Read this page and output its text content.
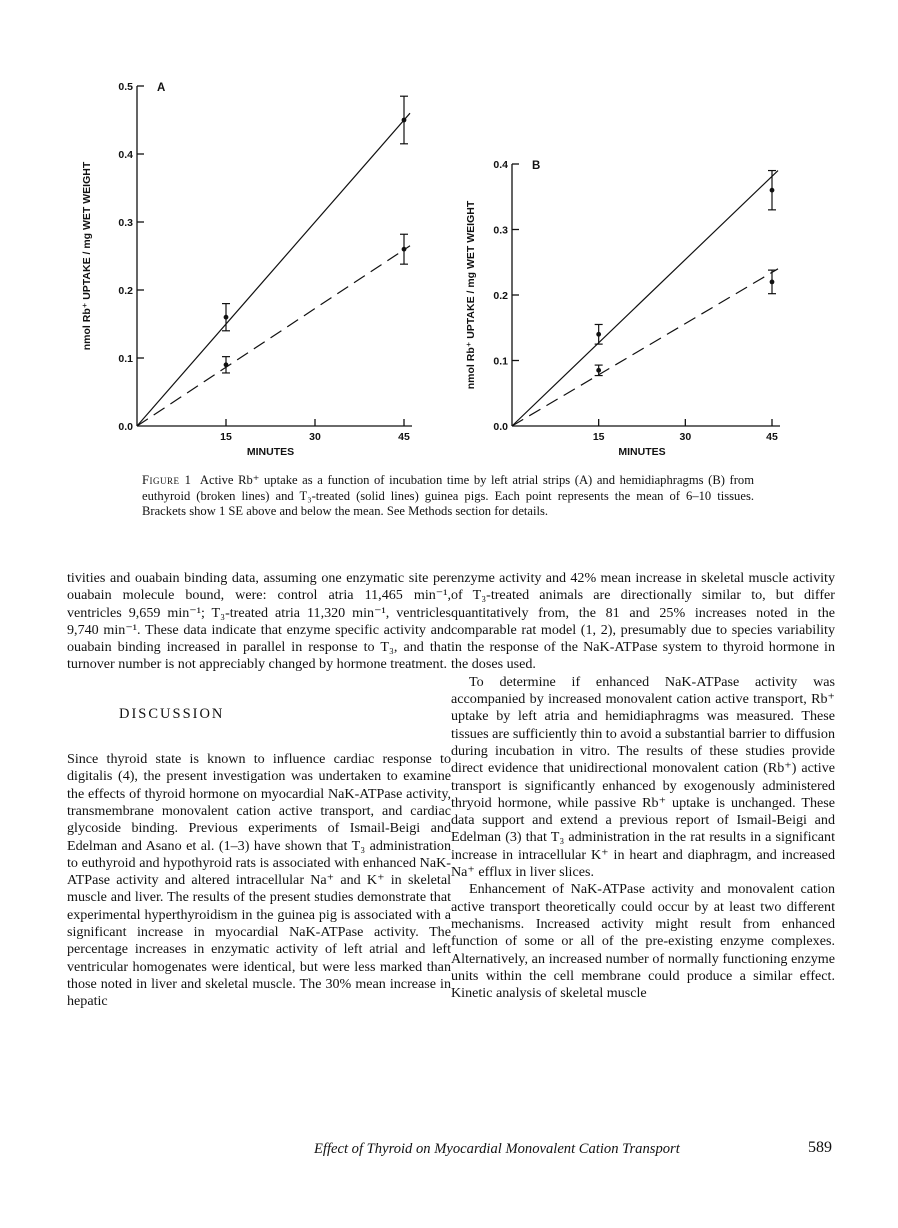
0.0
0.1
0.2
0.3
0.4
0.5
15	30	45
MINUTES
nmol Rb⁺ UPTAKE / mg WET WEIGHT
A
0.0
0.1
0.2
0.3
0.4
15	30	45
MINUTES
nmol Rb⁺ UPTAKE / mg WET WEIGHT
B
Figure 1 Active Rb⁺ uptake as a function of incubation time by left atrial strips (A) and hemidiaphragms (B) from euthyroid (broken lines) and T₃-treated (solid lines) guinea pigs. Each point represents the mean of 6–10 tissues. Brackets show 1 SE above and below the mean. See Methods section for details.

tivities and ouabain binding data, assuming one enzymatic site per ouabain molecule bound, were: control atria 11,465 min⁻¹, ventricles 9,659 min⁻¹; T₃-treated atria 11,320 min⁻¹, ventricles 9,740 min⁻¹. These data indicate that enzyme specific activity and ouabain binding increased in parallel in response to T₃, and that turnover number is not appreciably changed by hormone treatment.

DISCUSSION

Since thyroid state is known to influence cardiac response to digitalis (4), the present investigation was undertaken to examine the effects of thyroid hormone on myocardial NaK-ATPase activity, transmembrane monovalent cation active transport, and cardiac glycoside binding. Previous experiments of Ismail-Beigi and Edelman and Asano et al. (1–3) have shown that T₃ administration to euthyroid and hypothyroid rats is associated with enhanced NaK-ATPase activity and altered intracellular Na⁺ and K⁺ in skeletal muscle and liver. The results of the present studies demonstrate that experimental hyperthyroidism in the guinea pig is associated with a significant increase in myocardial NaK-ATPase activity. The percentage increases in enzymatic activity of left atrial and left ventricular homogenates were identical, but were less marked than those noted in liver and skeletal muscle. The 30% mean increase in hepatic

enzyme activity and 42% mean increase in skeletal muscle activity of T₃-treated animals are directionally similar to, but differ quantitatively from, the 81 and 25% increases noted in the comparable rat model (1, 2), presumably due to species variability in the response of the NaK-ATPase system to thyroid hormone in the doses used.

To determine if enhanced NaK-ATPase activity was accompanied by increased monovalent cation active transport, Rb⁺ uptake by left atria and hemidiaphragms was measured. These tissues are sufficiently thin to avoid a substantial barrier to diffusion during incubation in vitro. The results of these studies provide direct evidence that unidirectional monovalent cation (Rb⁺) active transport is significantly enhanced by exogenously administered thryoid hormone, while passive Rb⁺ uptake is unchanged. These data support and extend a previous report of Ismail-Beigi and Edelman (3) that T₃ administration in the rat results in a significant increase in intracellular K⁺ in heart and diaphragm, and increased Na⁺ efflux in liver slices.

Enhancement of NaK-ATPase activity and monovalent cation active transport theoretically could occur by at least two different mechanisms. Increased activity might result from enhanced function of some or all of the pre-existing enzyme complexes. Alternatively, an increased number of normally functioning enzyme units within the cell membrane could produce a similar effect. Kinetic analysis of skeletal muscle

Effect of Thyroid on Myocardial Monovalent Cation Transport	589
